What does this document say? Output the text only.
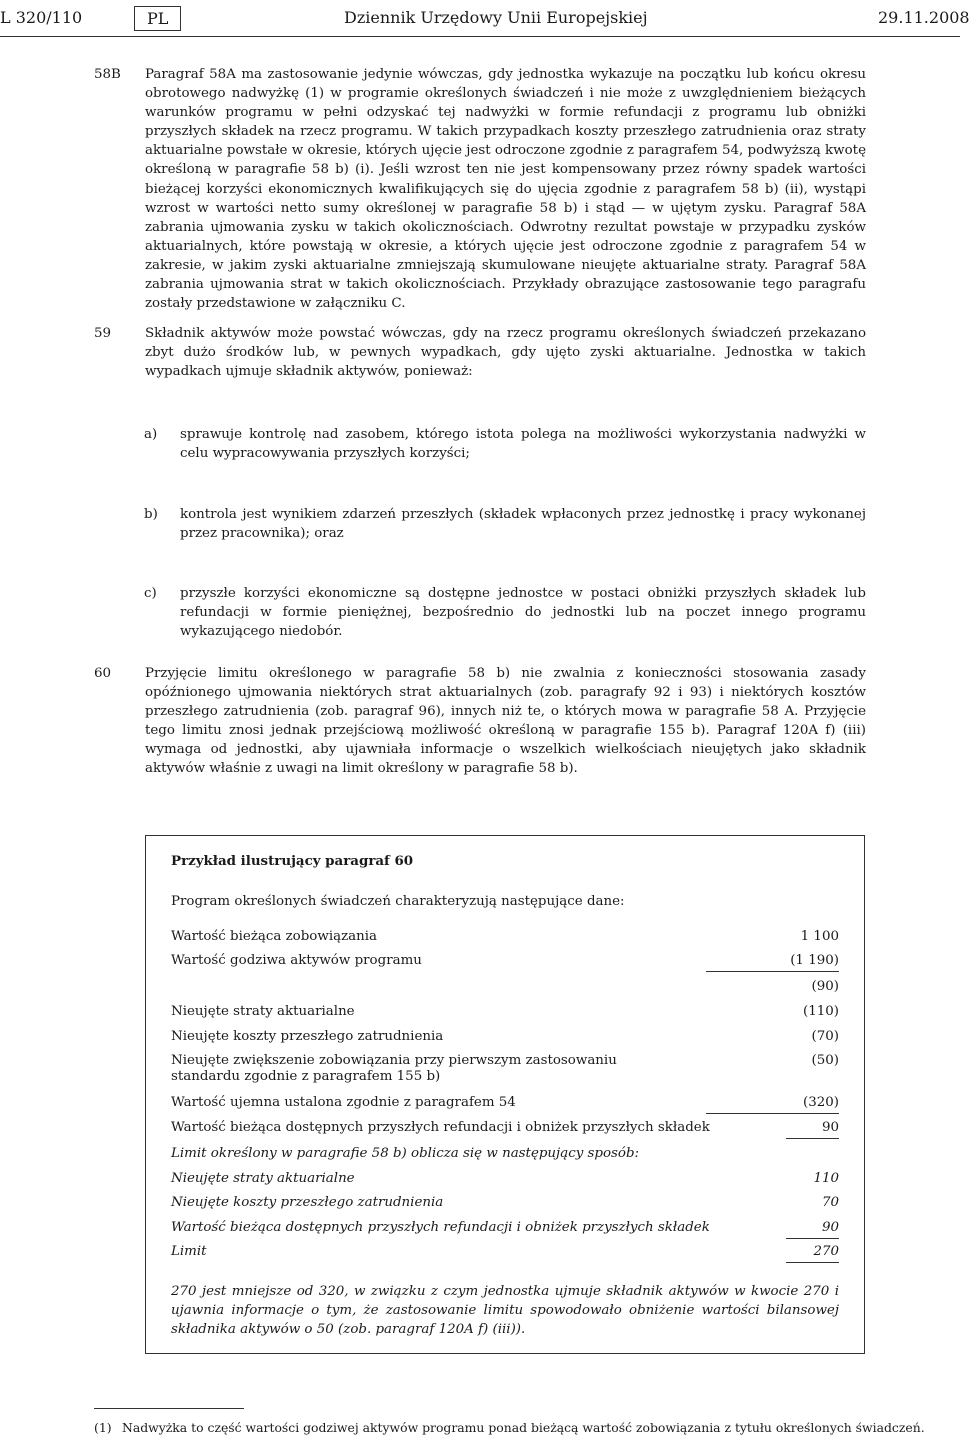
L 320/110	PL	Dziennik Urzędowy Unii Europejskiej	29.11.2008
58B	Paragraf 58A ma zastosowanie jedynie wówczas, gdy jednostka wykazuje na początku lub końcu okresu obrotowego nadwyżkę (1) w programie określonych świadczeń i nie może z uwzględnieniem bieżących warunków programu w pełni odzyskać tej nadwyżki w formie refundacji z programu lub obniżki przyszłych składek na rzecz programu. W takich przypadkach koszty przeszłego zatrudnienia oraz straty aktuarialne powstałe w okresie, których ujęcie jest odroczone zgodnie z paragrafem 54, podwyższą kwotę określoną w paragrafie 58 b) (i). Jeśli wzrost ten nie jest kompensowany przez równy spadek wartości bieżącej korzyści ekonomicznych kwalifikujących się do ujęcia zgodnie z paragrafem 58 b) (ii), wystąpi wzrost w wartości netto sumy określonej w paragrafie 58 b) i stąd — w ujętym zysku. Paragraf 58A zabrania ujmowania zysku w takich okolicznościach. Odwrotny rezultat powstaje w przypadku zysków aktuarialnych, które powstają w okresie, a których ujęcie jest odroczone zgodnie z paragrafem 54 w zakresie, w jakim zyski aktuarialne zmniejszają skumulowane nieujęte aktuarialne straty. Paragraf 58A zabrania ujmowania strat w takich okolicznościach. Przykłady obrazujące zastosowanie tego paragrafu zostały przedstawione w załączniku C.
59	Składnik aktywów może powstać wówczas, gdy na rzecz programu określonych świadczeń przekazano zbyt dużo środków lub, w pewnych wypadkach, gdy ujęto zyski aktuarialne. Jednostka w takich wypadkach ujmuje składnik aktywów, ponieważ:
a) sprawuje kontrolę nad zasobem, którego istota polega na możliwości wykorzystania nadwyżki w celu wypracowywania przyszłych korzyści;
b) kontrola jest wynikiem zdarzeń przeszłych (składek wpłaconych przez jednostkę i pracy wykonanej przez pracownika); oraz
c) przyszłe korzyści ekonomiczne są dostępne jednostce w postaci obniżki przyszłych składek lub refundacji w formie pieniężnej, bezpośrednio do jednostki lub na poczet innego programu wykazującego niedobór.
60	Przyjęcie limitu określonego w paragrafie 58 b) nie zwalnia z konieczności stosowania zasady opóźnionego ujmowania niektórych strat aktuarialnych (zob. paragrafy 92 i 93) i niektórych kosztów przeszłego zatrudnienia (zob. paragraf 96), innych niż te, o których mowa w paragrafie 58 A. Przyjęcie tego limitu znosi jednak przejściową możliwość określoną w paragrafie 155 b). Paragraf 120A f) (iii) wymaga od jednostki, aby ujawniała informacje o wszelkich wielkościach nieujętych jako składnik aktywów właśnie z uwagi na limit określony w paragrafie 58 b).
Przykład ilustrujący paragraf 60
Program określonych świadczeń charakteryzują następujące dane:
Wartość bieżąca zobowiązania	1 100
Wartość godziwa aktywów programu	(1 190)
(90)
Nieujęte straty aktuarialne	(110)
Nieujęte koszty przeszłego zatrudnienia	(70)
Nieujęte zwiększenie zobowiązania przy pierwszym zastosowaniu standardu zgodnie z paragrafem 155 b)
(50)
Wartość ujemna ustalona zgodnie z paragrafem 54	(320)
Wartość bieżąca dostępnych przyszłych refundacji i obniżek przyszłych składek	90
Limit określony w paragrafie 58 b) oblicza się w następujący sposób:
Nieujęte straty aktuarialne	110
Nieujęte koszty przeszłego zatrudnienia	70
Wartość bieżąca dostępnych przyszłych refundacji i obniżek przyszłych składek	90
Limit	270
270 jest mniejsze od 320, w związku z czym jednostka ujmuje składnik aktywów w kwocie 270 i ujawnia informacje o tym, że zastosowanie limitu spowodowało obniżenie wartości bilansowej składnika aktywów o 50 (zob. paragraf 120A f) (iii)).
(1) Nadwyżka to część wartości godziwej aktywów programu ponad bieżącą wartość zobowiązania z tytułu określonych świadczeń.
